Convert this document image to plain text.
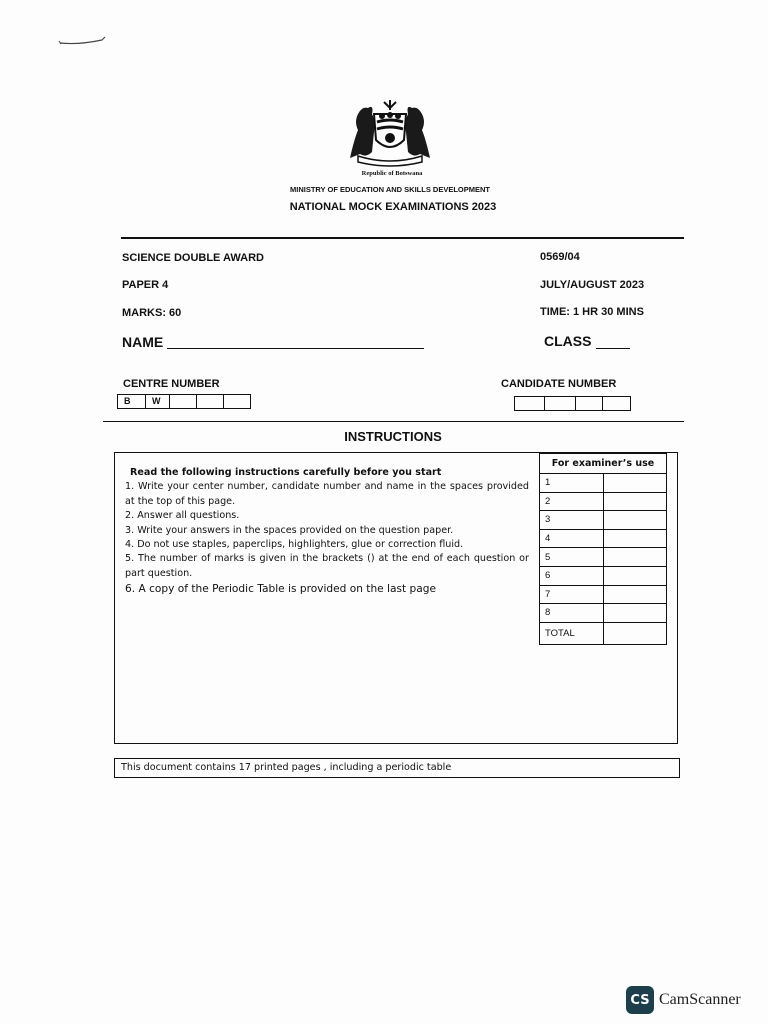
Republic of Botswana
MINISTRY OF EDUCATION AND SKILLS DEVELOPMENT
NATIONAL MOCK EXAMINATIONS 2023
SCIENCE DOUBLE AWARD	0569/04
PAPER 4	JULY/AUGUST 2023
MARKS: 60	TIME: 1 HR 30 MINS
NAME	CLASS
CENTRE NUMBER
B	W
CANDIDATE NUMBER
INSTRUCTIONS
Read the following instructions carefully before you start
1. Write your center number, candidate number and name in the spaces provided at the top of this page.
2. Answer all questions.
3. Write your answers in the spaces provided on the question paper.
4. Do not use staples, paperclips, highlighters, glue or correction fluid.
5. The number of marks is given in the brackets () at the end of each question or part question.
6. A copy of the Periodic Table is provided on the last page
For examiner’s use	
1	
2	
3	
4	
5	
6	
7	
8	
TOTAL	
This document contains 17 printed pages , including a periodic table
CS CamScanner
